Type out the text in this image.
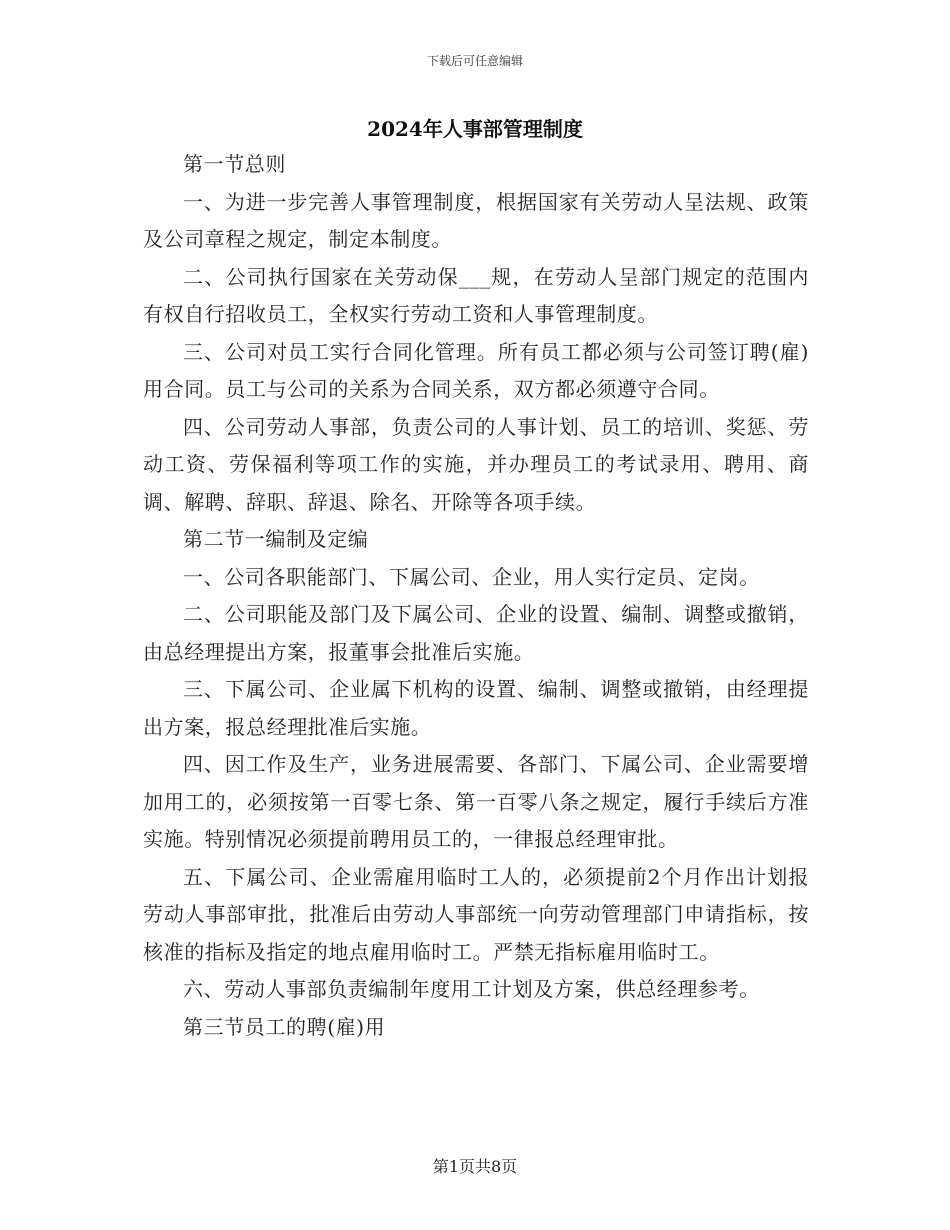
下载后可任意编辑
2024年人事部管理制度

第一节总则

一、为进一步完善人事管理制度，根据国家有关劳动人呈法规、政策及公司章程之规定，制定本制度。

二、公司执行国家在关劳动保___规，在劳动人呈部门规定的范围内有权自行招收员工，全权实行劳动工资和人事管理制度。

三、公司对员工实行合同化管理。所有员工都必须与公司签订聘(雇)用合同。员工与公司的关系为合同关系，双方都必须遵守合同。

四、公司劳动人事部，负责公司的人事计划、员工的培训、奖惩、劳动工资、劳保福利等项工作的实施，并办理员工的考试录用、聘用、商调、解聘、辞职、辞退、除名、开除等各项手续。

第二节一编制及定编

一、公司各职能部门、下属公司、企业，用人实行定员、定岗。

二、公司职能及部门及下属公司、企业的设置、编制、调整或撤销，由总经理提出方案，报董事会批准后实施。

三、下属公司、企业属下机构的设置、编制、调整或撤销，由经理提出方案，报总经理批准后实施。

四、因工作及生产，业务进展需要、各部门、下属公司、企业需要增加用工的，必须按第一百零七条、第一百零八条之规定，履行手续后方准实施。特别情况必须提前聘用员工的，一律报总经理审批。

五、下属公司、企业需雇用临时工人的，必须提前2个月作出计划报劳动人事部审批，批准后由劳动人事部统一向劳动管理部门申请指标，按核准的指标及指定的地点雇用临时工。严禁无指标雇用临时工。

六、劳动人事部负责编制年度用工计划及方案，供总经理参考。

第三节员工的聘(雇)用

第1页共8页
